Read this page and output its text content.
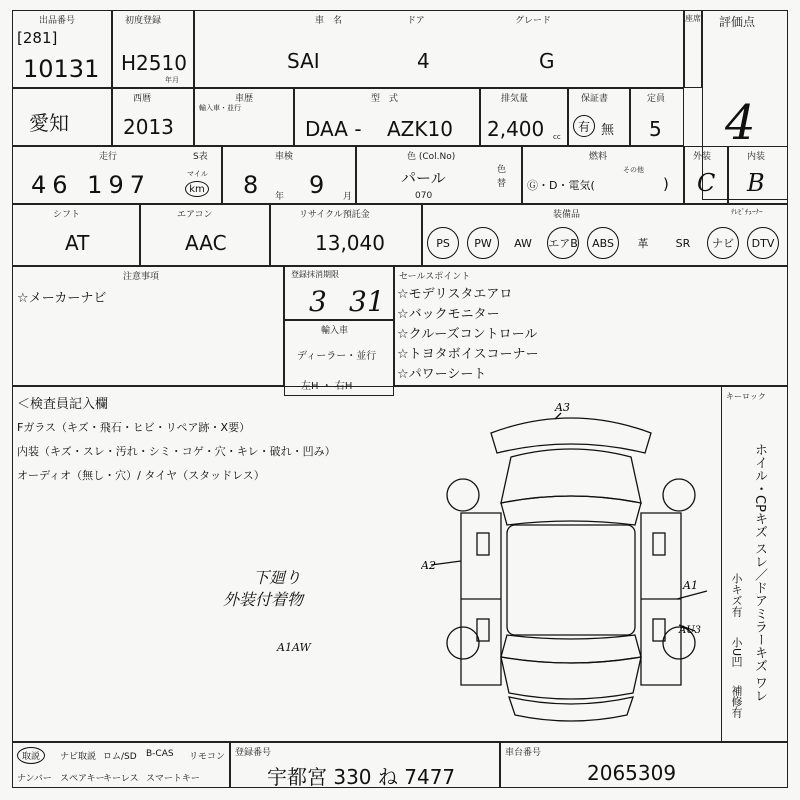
出品番号
[281]
10131
初度登録
H2510
年月
車　名
SAI
ドア
4
グレード
G
座席 評価点
4
愛知
西暦
2013
車歴
輸入車・並行
型　式
DAA - AZK10
排気量
2,400 cc
保証書
有 無
定員
5
走行	S表
46 197	マイル
km
車検
8 年 9 月
色 (Col.No)
パール
070
色替
燃料
Ⓖ・D・電気(
その他
)
外装
C
内装
B
シフト
AT
エアコン
AAC
リサイクル預託金
13,040
装備品	ﾃﾚﾋﾞﾁｭｰﾅｰ
PS	PW	AW	エアB	ABS	革	SR	ナビ	DTV
注意事項
☆メーカーナビ
登録抹消期限
3 31
輸入車
ディーラー・並行
左H ・ 右H
セールスポイント
☆モデリスタエアロ
☆バックモニター
☆クルーズコントロール
☆トヨタボイスコーナー
☆パワーシート
＜検査員記入欄
Fガラス（キズ・飛石・ヒビ・リペア跡・X要）
内装（キズ・スレ・汚れ・シミ・コゲ・穴・キレ・破れ・凹み）
オーディオ（無し・穴）/ タイヤ（スタッドレス）
下廻り
外装付着物
A1AW
キーロック
ホイル・CPキズ スレ／ドアミラーキズ ワレ
小キズ有
小U凹
補修有
A3
A2
A1
AU3
取説	ナビ取説 ロム/SD B-CAS リモコン
ナンバー スペアキー
キーレス スマートキー
登録番号
宇都宮 330 ね 7477
車台番号
2065309
